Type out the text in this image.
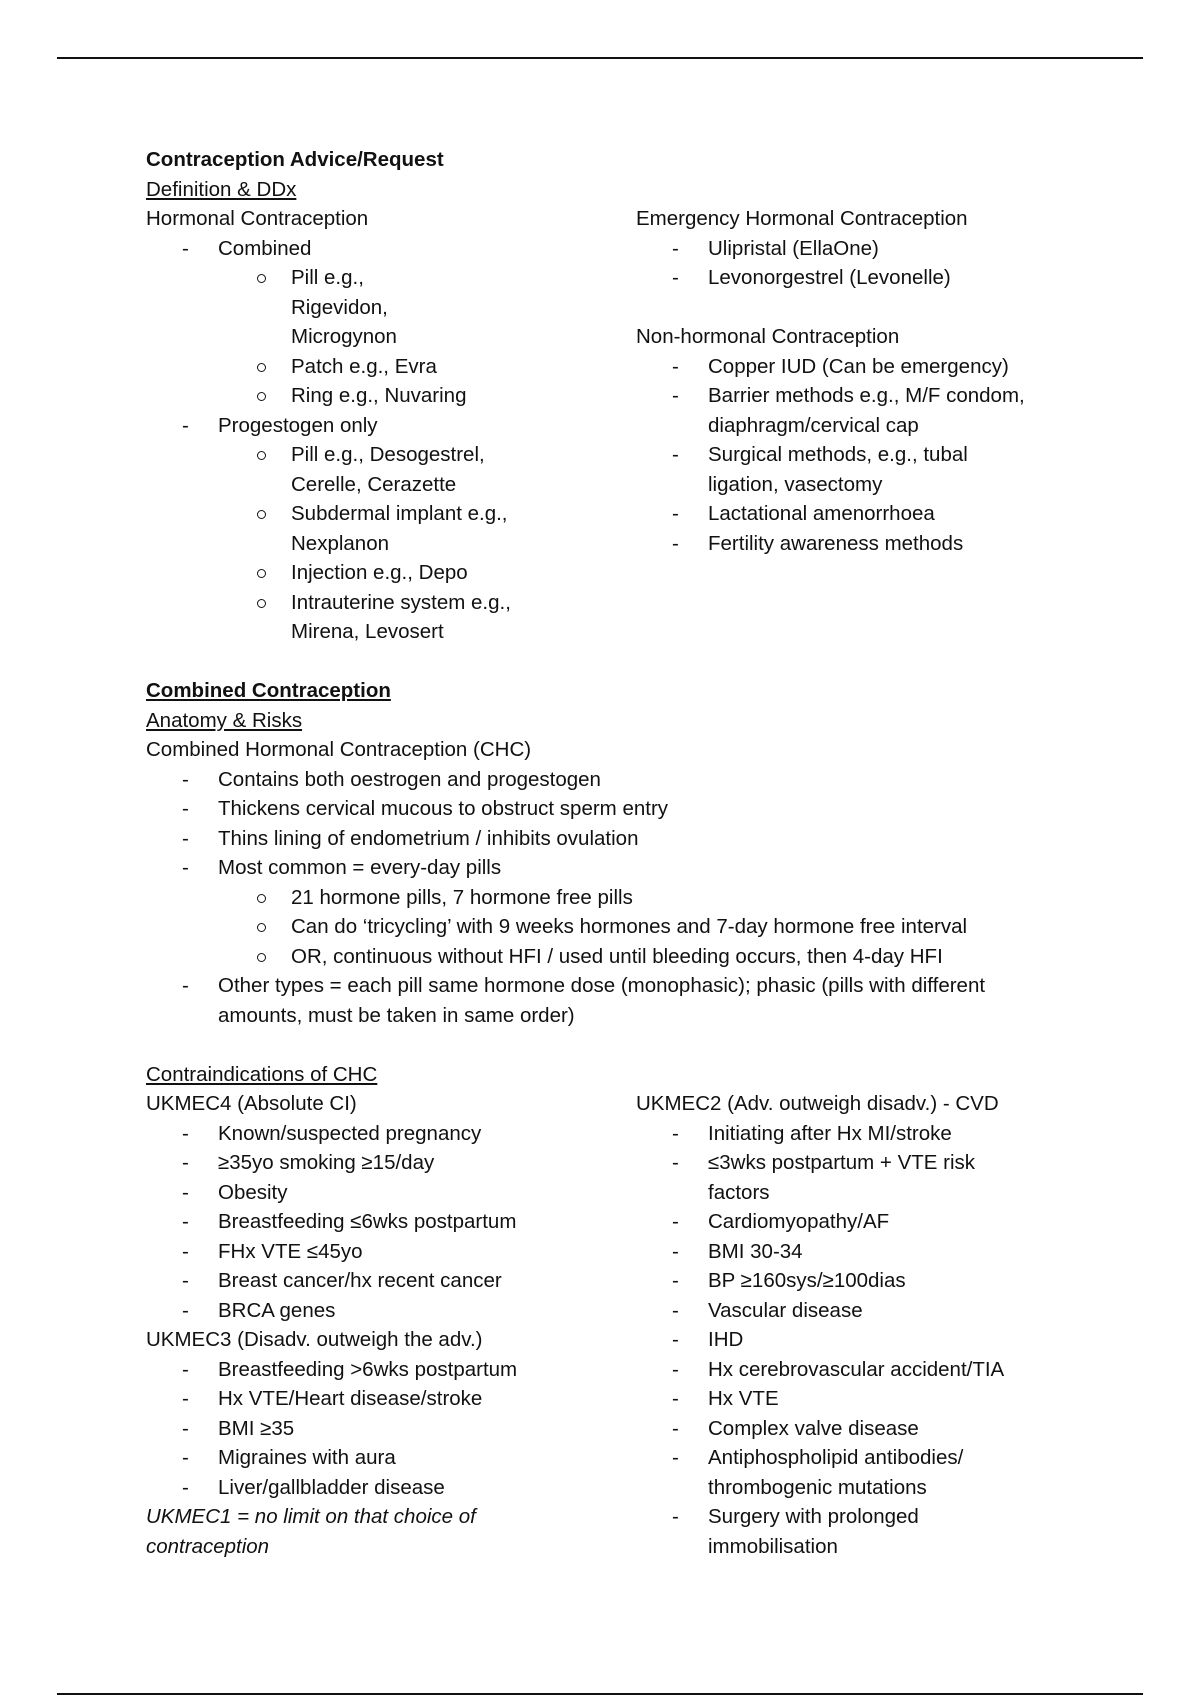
Contraception Advice/Request
Definition & DDx
Hormonal Contraception
- Combined
Pill e.g., Rigevidon, Microgynon
Patch e.g., Evra
Ring e.g., Nuvaring
- Progestogen only
Pill e.g., Desogestrel, Cerelle, Cerazette
Subdermal implant e.g., Nexplanon
Injection e.g., Depo
Intrauterine system e.g., Mirena, Levosert
Emergency Hormonal Contraception
- Ulipristal (EllaOne)
- Levonorgestrel (Levonelle)
Non-hormonal Contraception
- Copper IUD (Can be emergency)
- Barrier methods e.g., M/F condom, diaphragm/cervical cap
- Surgical methods, e.g., tubal ligation, vasectomy
- Lactational amenorrhoea
- Fertility awareness methods
Combined Contraception
Anatomy & Risks
Combined Hormonal Contraception (CHC)
- Contains both oestrogen and progestogen
- Thickens cervical mucous to obstruct sperm entry
- Thins lining of endometrium / inhibits ovulation
- Most common = every-day pills
21 hormone pills, 7 hormone free pills
Can do ‘tricycling’ with 9 weeks hormones and 7-day hormone free interval
OR, continuous without HFI / used until bleeding occurs, then 4-day HFI
- Other types = each pill same hormone dose (monophasic); phasic (pills with different amounts, must be taken in same order)
Contraindications of CHC
UKMEC4 (Absolute CI)
- Known/suspected pregnancy
- ≥35yo smoking ≥15/day
- Obesity
- Breastfeeding ≤6wks postpartum
- FHx VTE ≤45yo
- Breast cancer/hx recent cancer
- BRCA genes
UKMEC3 (Disadv. outweigh the adv.)
- Breastfeeding >6wks postpartum
- Hx VTE/Heart disease/stroke
- BMI ≥35
- Migraines with aura
- Liver/gallbladder disease
UKMEC1 = no limit on that choice of contraception
UKMEC2 (Adv. outweigh disadv.) - CVD
- Initiating after Hx MI/stroke
- ≤3wks postpartum + VTE risk factors
- Cardiomyopathy/AF
- BMI 30-34
- BP ≥160sys/≥100dias
- Vascular disease
- IHD
- Hx cerebrovascular accident/TIA
- Hx VTE
- Complex valve disease
- Antiphospholipid antibodies/ thrombogenic mutations
- Surgery with prolonged immobilisation
